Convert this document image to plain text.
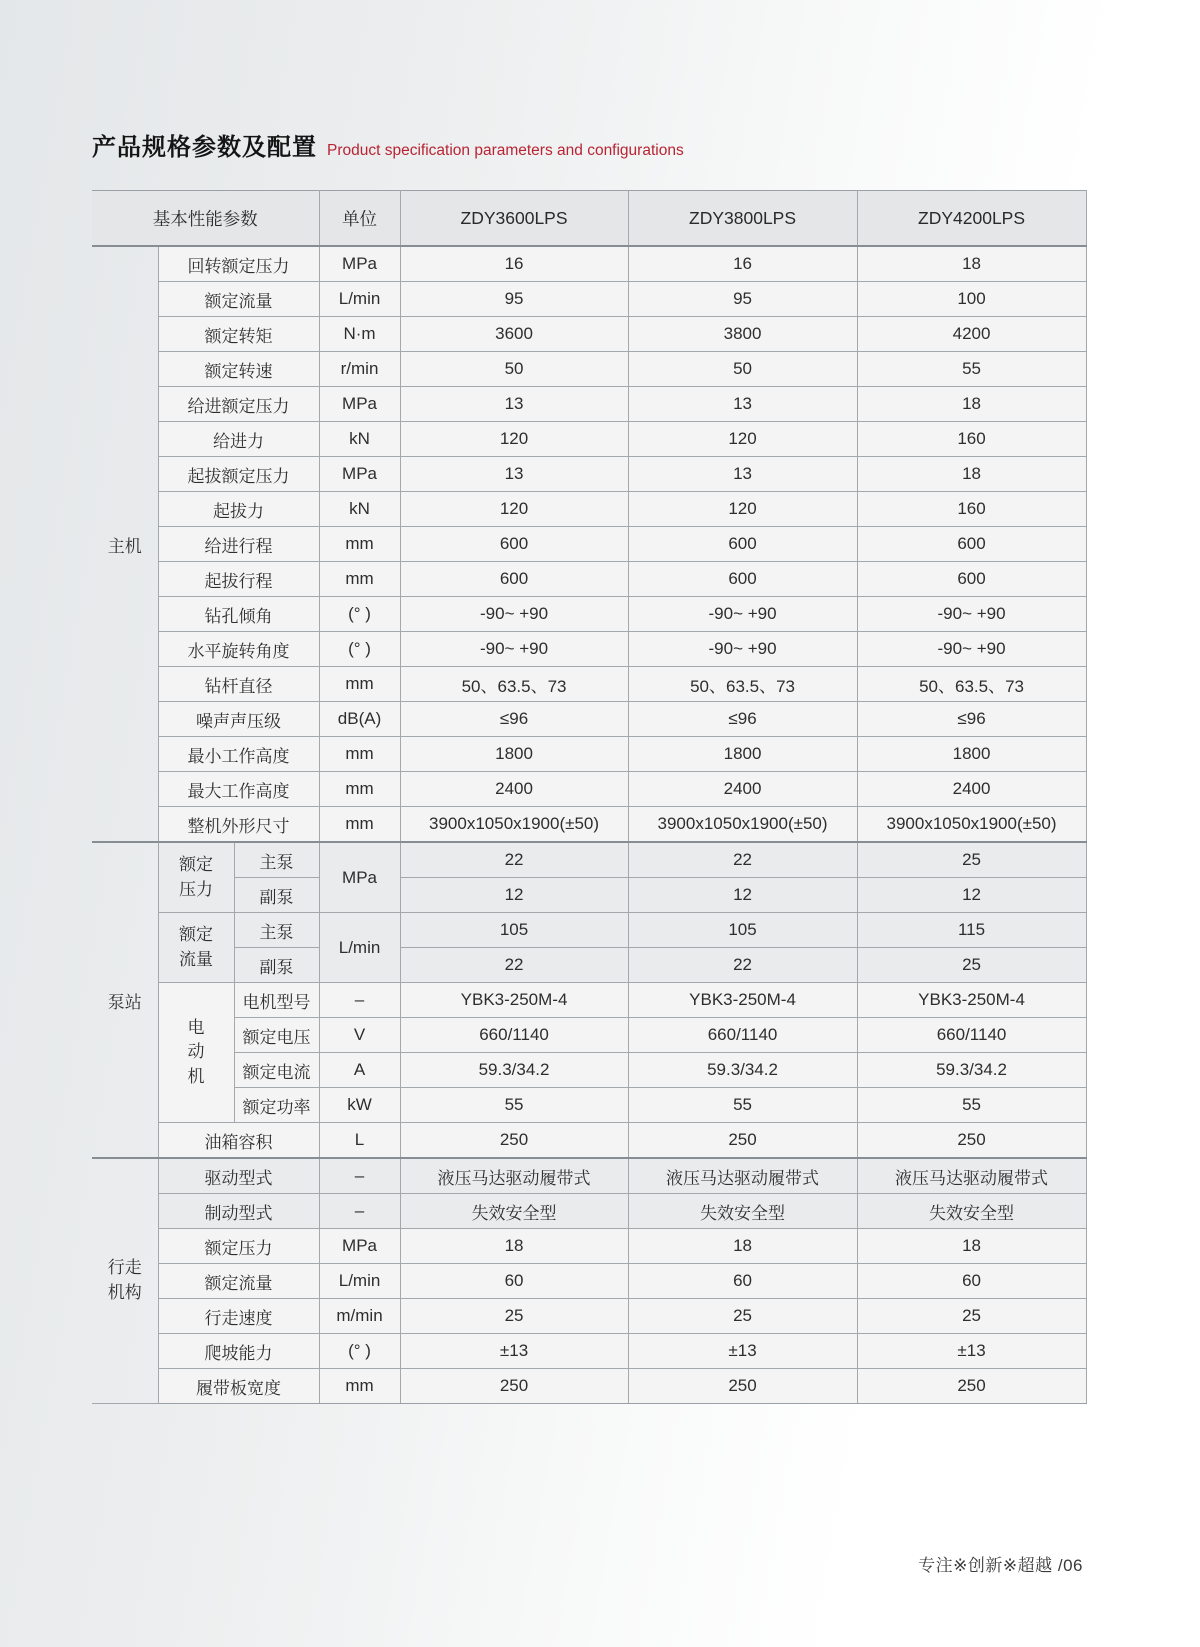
产品规格参数及配置 Product specification parameters and configurations
基本性能参数			单位	ZDY3600LPS	ZDY3800LPS	ZDY4200LPS
主机	回转额定压力		MPa	16	16	18
	额定流量		L/min	95	95	100
	额定转矩		N·m	3600	3800	4200
	额定转速		r/min	50	50	55
	给进额定压力		MPa	13	13	18
	给进力		kN	120	120	160
	起拔额定压力		MPa	13	13	18
	起拔力		kN	120	120	160
	给进行程		mm	600	600	600
	起拔行程		mm	600	600	600
	钻孔倾角		(° )	-90~ +90	-90~ +90	-90~ +90
	水平旋转角度		(° )	-90~ +90	-90~ +90	-90~ +90
	钻杆直径		mm	50、63.5、73	50、63.5、73	50、63.5、73
	噪声声压级		dB(A)	≤96	≤96	≤96
	最小工作高度		mm	1800	1800	1800
	最大工作高度		mm	2400	2400	2400
	整机外形尺寸		mm	3900x1050x1900(±50)	3900x1050x1900(±50)	3900x1050x1900(±50)
泵站	额定压力	主泵	MPa	22	22	25
		副泵		12	12	12
	额定流量	主泵	L/min	105	105	115
		副泵		22	22	25
	电动机	电机型号	–	YBK3-250M-4	YBK3-250M-4	YBK3-250M-4
		额定电压	V	660/1140	660/1140	660/1140
		额定电流	A	59.3/34.2	59.3/34.2	59.3/34.2
		额定功率	kW	55	55	55
	油箱容积		L	250	250	250
行走机构	驱动型式		–	液压马达驱动履带式	液压马达驱动履带式	液压马达驱动履带式
	制动型式		–	失效安全型	失效安全型	失效安全型
	额定压力		MPa	18	18	18
	额定流量		L/min	60	60	60
	行走速度		m/min	25	25	25
	爬坡能力		(° )	±13	±13	±13
	履带板宽度		mm	250	250	250
专注※创新※超越 /06
